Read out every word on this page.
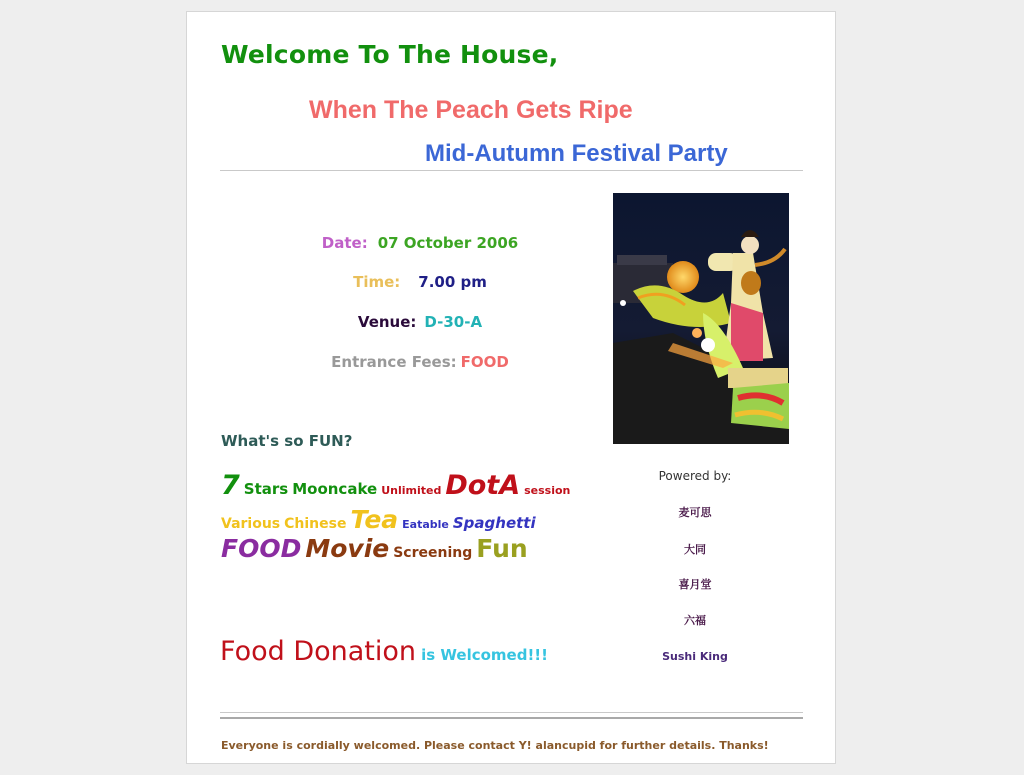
Welcome To The House,
When The Peach Gets Ripe
Mid-Autumn Festival Party
Date: 07 October 2006
Time: 7.00 pm
Venue: D-30-A
Entrance Fees: FOOD
What's so FUN?
7 Stars Mooncake Unlimited DotA session
Various Chinese Tea Eatable Spaghetti
FOOD Movie Screening Fun
Food Donation is Welcomed!!!
Powered by:
麦可思
大同
喜月堂
六福
Sushi King
Everyone is cordially welcomed. Please contact Y! alancupid for further details. Thanks!
